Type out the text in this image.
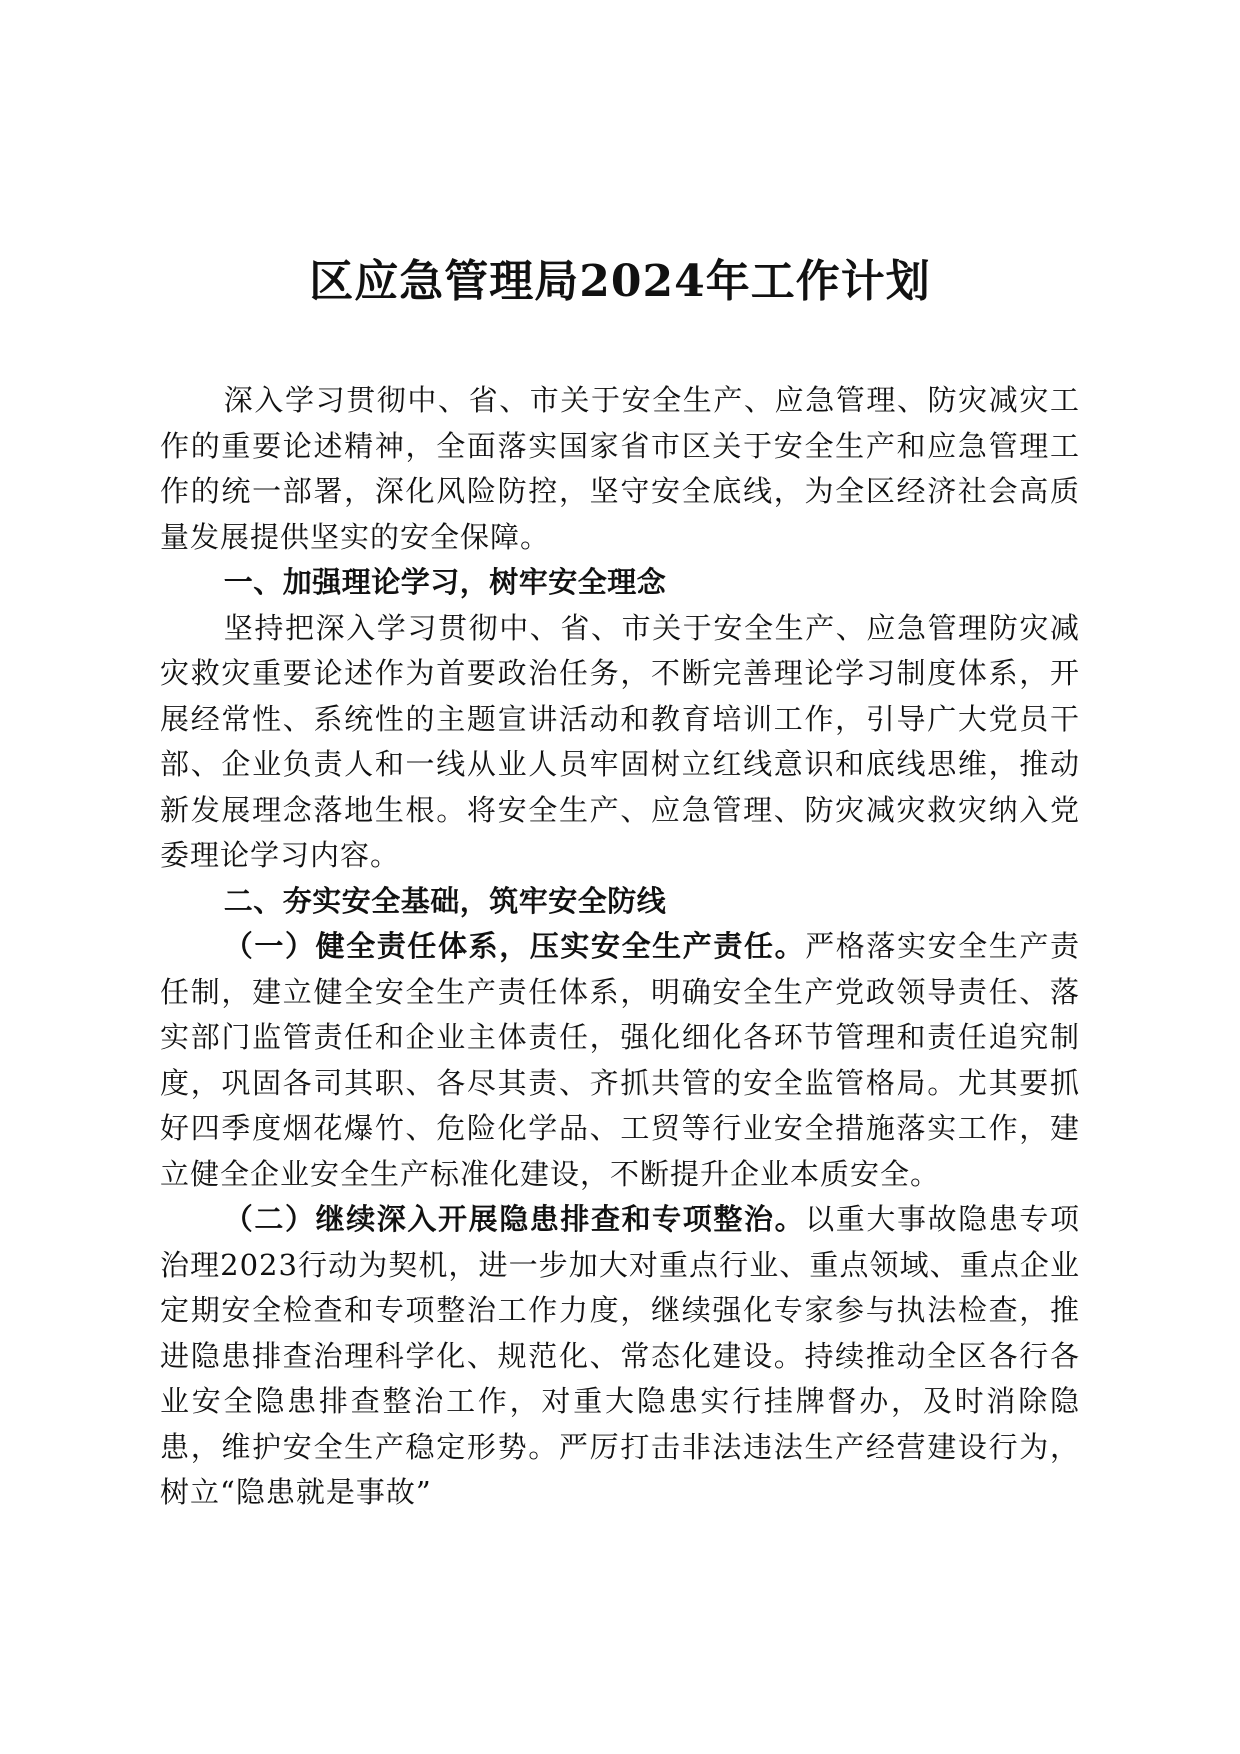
区应急管理局2024年工作计划

深入学习贯彻中、省、市关于安全生产、应急管理、防灾减灾工作的重要论述精神，全面落实国家省市区关于安全生产和应急管理工作的统一部署，深化风险防控，坚守安全底线，为全区经济社会高质量发展提供坚实的安全保障。

一、加强理论学习，树牢安全理念

坚持把深入学习贯彻中、省、市关于安全生产、应急管理防灾减灾救灾重要论述作为首要政治任务，不断完善理论学习制度体系，开展经常性、系统性的主题宣讲活动和教育培训工作，引导广大党员干部、企业负责人和一线从业人员牢固树立红线意识和底线思维，推动新发展理念落地生根。将安全生产、应急管理、防灾减灾救灾纳入党委理论学习内容。

二、夯实安全基础，筑牢安全防线

（一）健全责任体系，压实安全生产责任。严格落实安全生产责任制，建立健全安全生产责任体系，明确安全生产党政领导责任、落实部门监管责任和企业主体责任，强化细化各环节管理和责任追究制度，巩固各司其职、各尽其责、齐抓共管的安全监管格局。尤其要抓好四季度烟花爆竹、危险化学品、工贸等行业安全措施落实工作，建立健全企业安全生产标准化建设，不断提升企业本质安全。

（二）继续深入开展隐患排查和专项整治。以重大事故隐患专项治理2023行动为契机，进一步加大对重点行业、重点领域、重点企业定期安全检查和专项整治工作力度，继续强化专家参与执法检查，推进隐患排查治理科学化、规范化、常态化建设。持续推动全区各行各业安全隐患排查整治工作，对重大隐患实行挂牌督办，及时消除隐患，维护安全生产稳定形势。严厉打击非法违法生产经营建设行为，树立“隐患就是事故”
